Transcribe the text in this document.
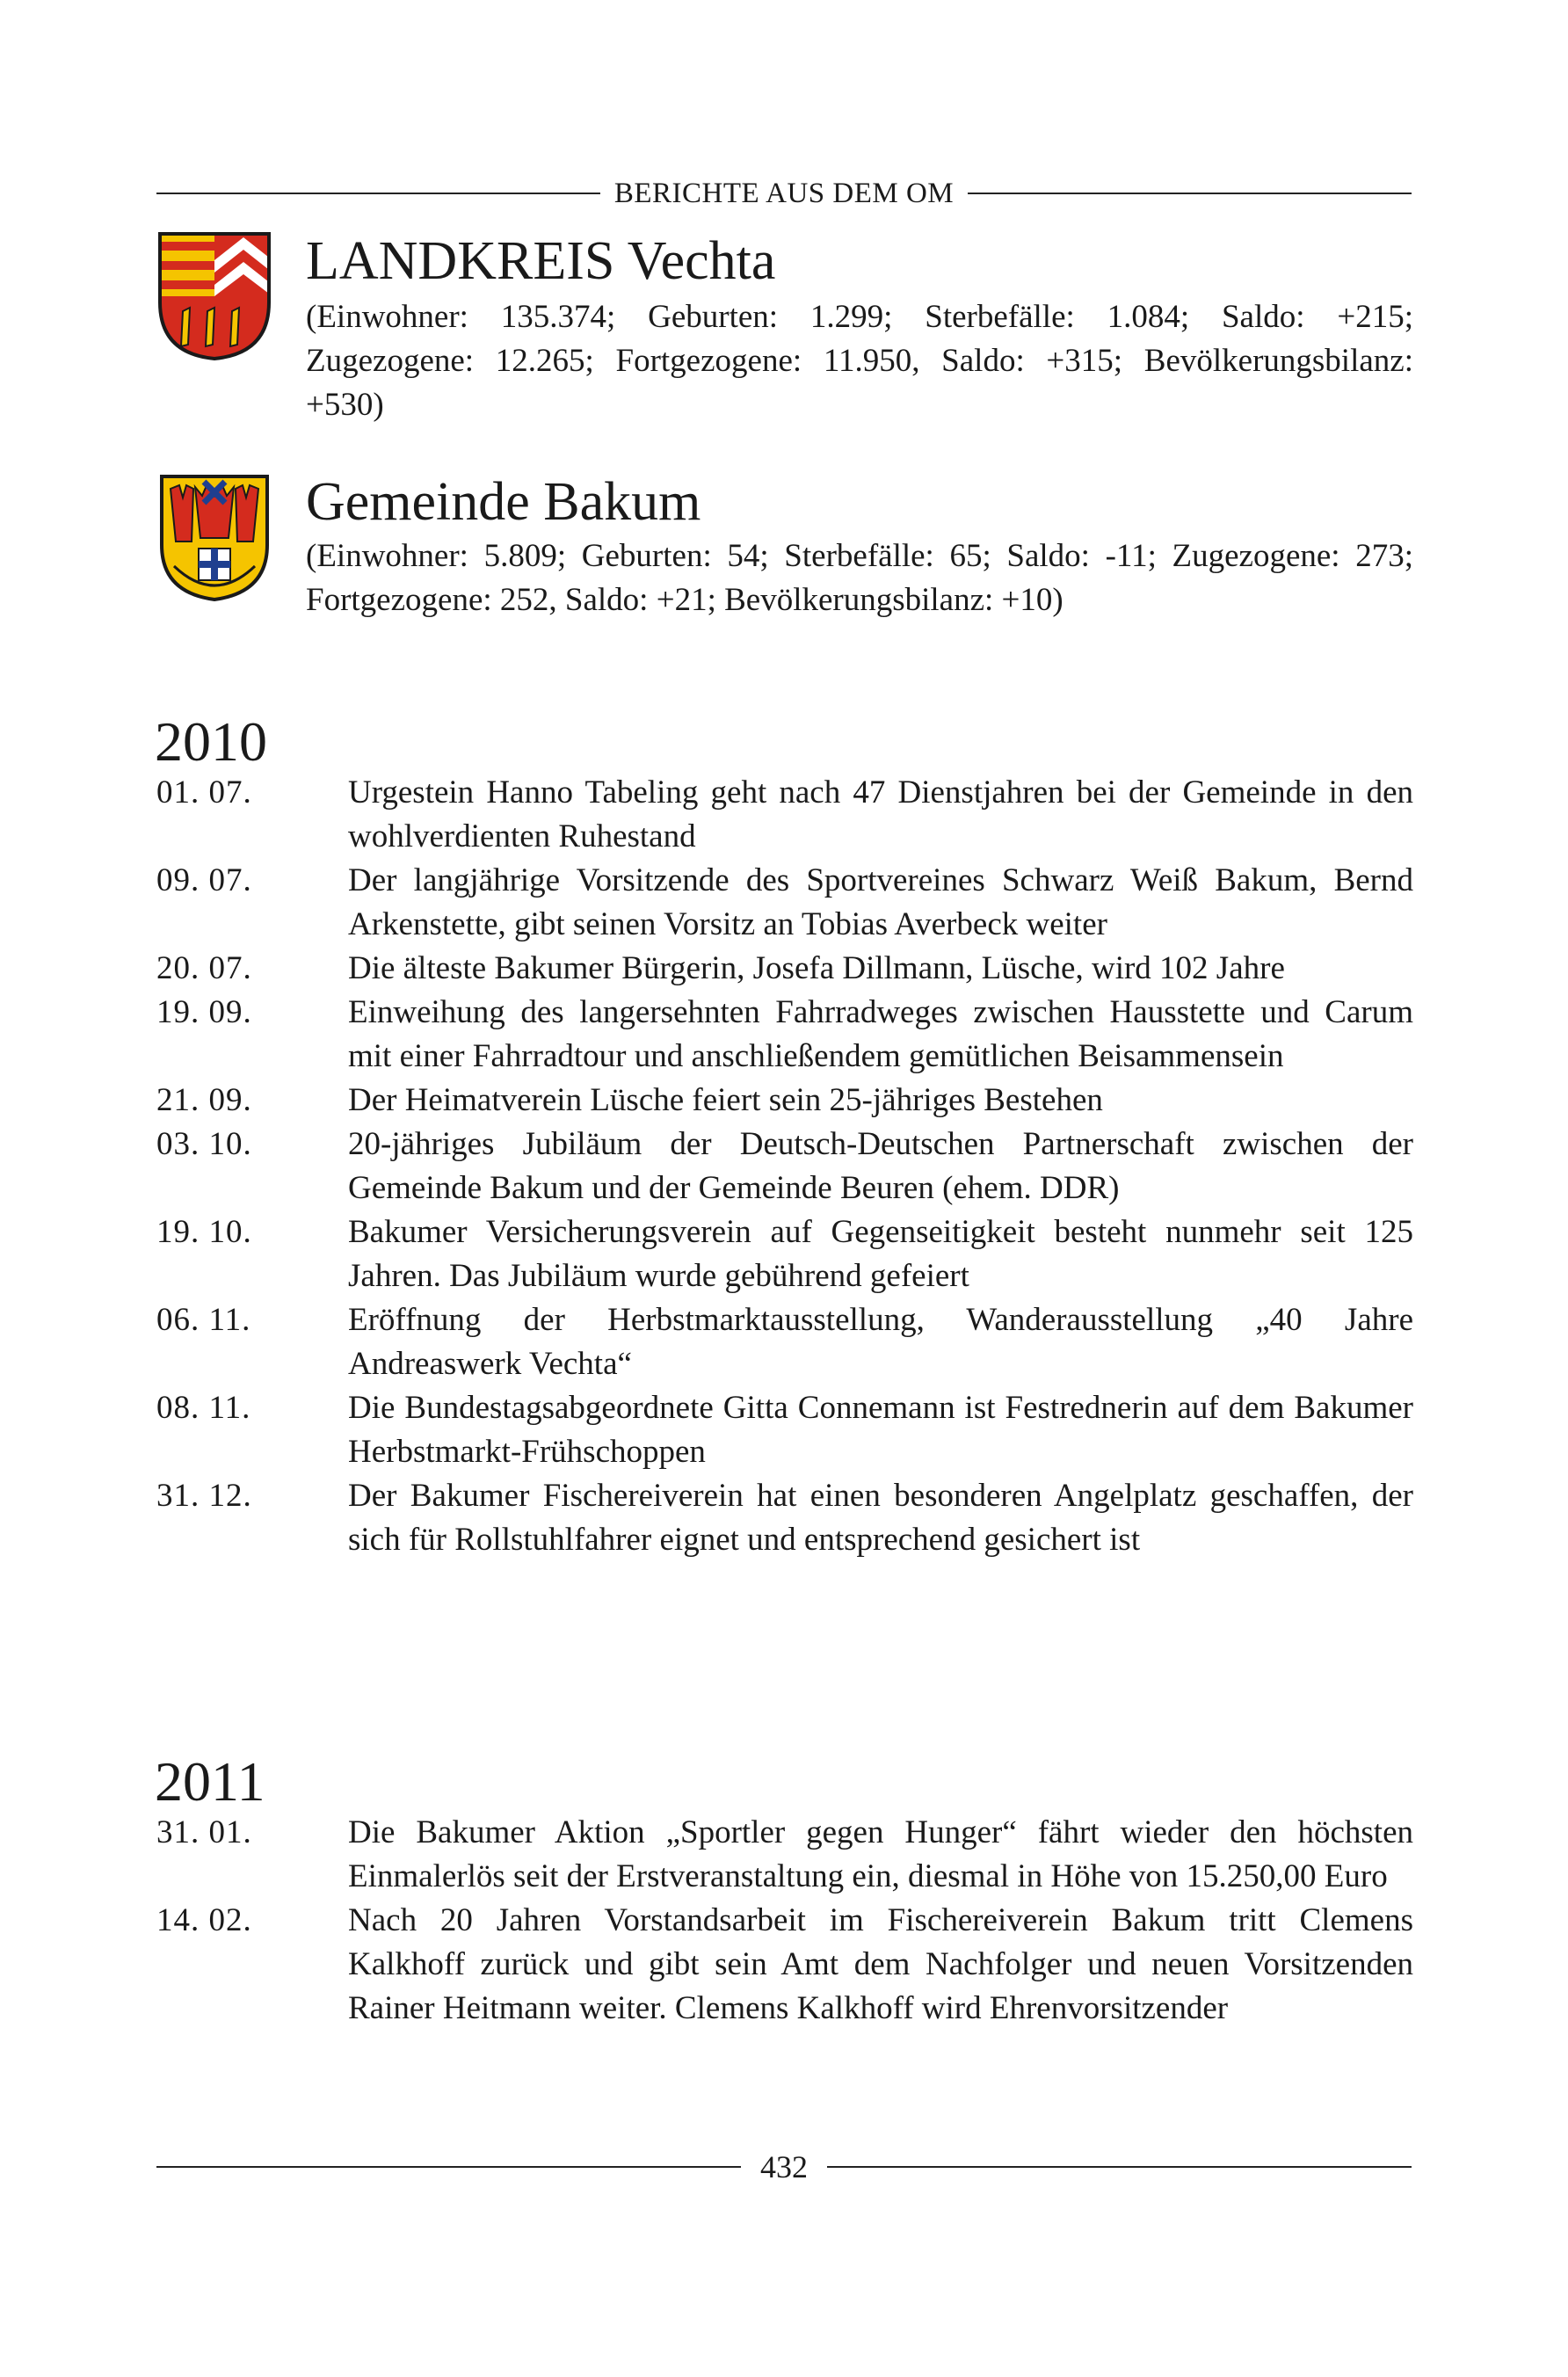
BERICHTE AUS DEM OM
LANDKREIS Vechta
(Einwohner: 135.374; Geburten: 1.299; Sterbefälle: 1.084; Saldo: +215; Zugezogene: 12.265; Fortgezogene: 11.950, Saldo: +315; Bevölkerungsbilanz: +530)
Gemeinde Bakum
(Einwohner: 5.809; Geburten: 54; Sterbefälle: 65; Saldo: -11; Zugezogene: 273; Fortgezogene: 252, Saldo: +21; Bevölkerungsbilanz: +10)
2010
01. 07.	Urgestein Hanno Tabeling geht nach 47 Dienstjahren bei der Gemeinde in den wohlverdienten Ruhestand
09. 07.	Der langjährige Vorsitzende des Sportvereines Schwarz Weiß Bakum, Bernd Arkenstette, gibt seinen Vorsitz an Tobias Averbeck weiter
20. 07.	Die älteste Bakumer Bürgerin, Josefa Dillmann, Lüsche, wird 102 Jahre
19. 09.	Einweihung des langersehnten Fahrradweges zwischen Hausstette und Carum mit einer Fahrradtour und anschließendem gemütlichen Beisammensein
21. 09.	Der Heimatverein Lüsche feiert sein 25-jähriges Bestehen
03. 10.	20-jähriges Jubiläum der Deutsch-Deutschen Partnerschaft zwischen der Gemeinde Bakum und der Gemeinde Beuren (ehem. DDR)
19. 10.	Bakumer Versicherungsverein auf Gegenseitigkeit besteht nunmehr seit 125 Jahren. Das Jubiläum wurde gebührend gefeiert
06. 11.	Eröffnung der Herbstmarktausstellung, Wanderausstellung „40 Jahre Andreaswerk Vechta“
08. 11.	Die Bundestagsabgeordnete Gitta Connemann ist Festrednerin auf dem Bakumer Herbstmarkt-Frühschoppen
31. 12.	Der Bakumer Fischereiverein hat einen besonderen Angelplatz geschaffen, der sich für Rollstuhlfahrer eignet und entsprechend gesichert ist
2011
31. 01.	Die Bakumer Aktion „Sportler gegen Hunger“ fährt wieder den höchsten Einmalerlös seit der Erstveranstaltung ein, diesmal in Höhe von 15.250,00 Euro
14. 02.	Nach 20 Jahren Vorstandsarbeit im Fischereiverein Bakum tritt Clemens Kalkhoff zurück und gibt sein Amt dem Nachfolger und neuen Vorsitzenden Rainer Heitmann weiter. Clemens Kalkhoff wird Ehrenvorsitzender
432
